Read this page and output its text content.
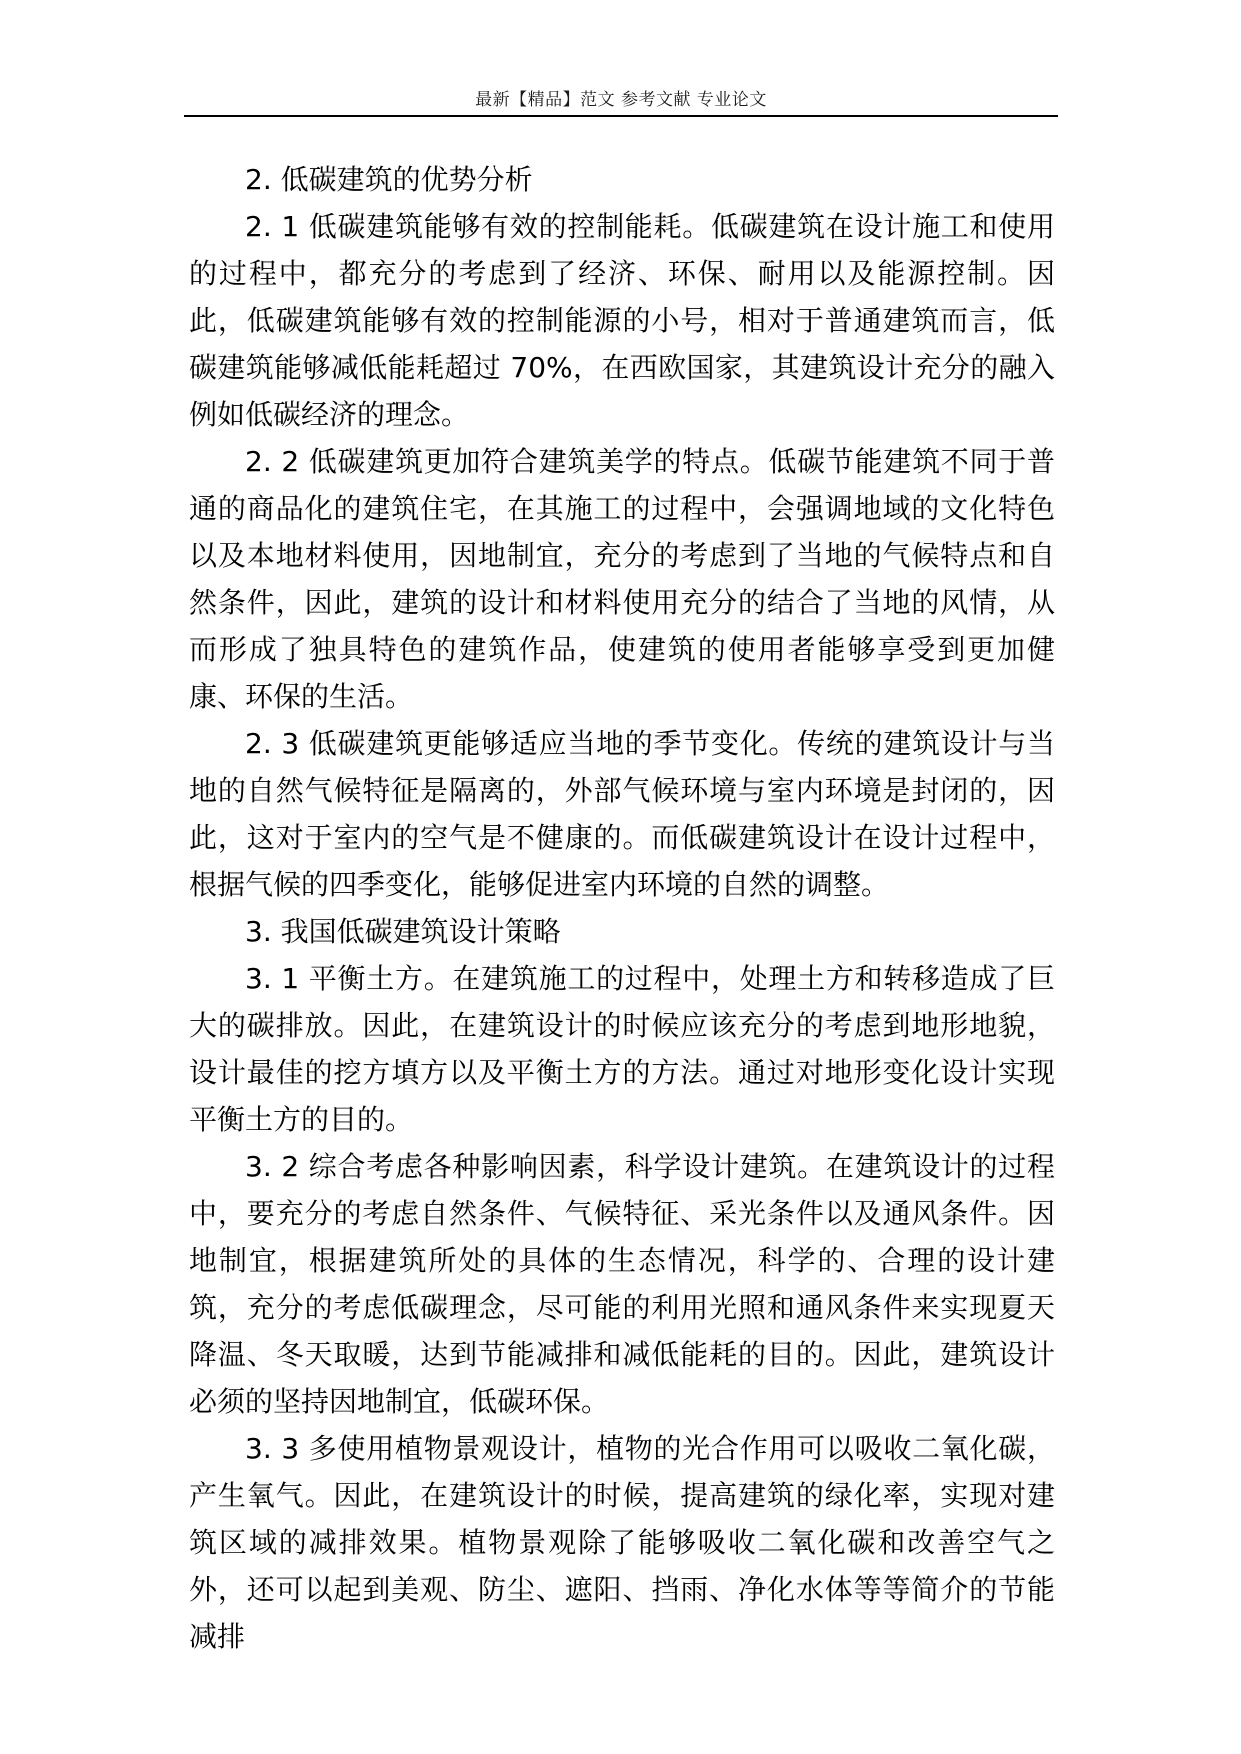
最新【精品】范文 参考文献 专业论文

2. 低碳建筑的优势分析

2. 1 低碳建筑能够有效的控制能耗。低碳建筑在设计施工和使用的过程中，都充分的考虑到了经济、环保、耐用以及能源控制。因此，低碳建筑能够有效的控制能源的小号，相对于普通建筑而言，低碳建筑能够减低能耗超过 70%，在西欧国家，其建筑设计充分的融入例如低碳经济的理念。

2. 2 低碳建筑更加符合建筑美学的特点。低碳节能建筑不同于普通的商品化的建筑住宅，在其施工的过程中，会强调地域的文化特色以及本地材料使用，因地制宜，充分的考虑到了当地的气候特点和自然条件，因此，建筑的设计和材料使用充分的结合了当地的风情，从而形成了独具特色的建筑作品，使建筑的使用者能够享受到更加健康、环保的生活。

2. 3 低碳建筑更能够适应当地的季节变化。传统的建筑设计与当地的自然气候特征是隔离的，外部气候环境与室内环境是封闭的，因此，这对于室内的空气是不健康的。而低碳建筑设计在设计过程中，根据气候的四季变化，能够促进室内环境的自然的调整。

3. 我国低碳建筑设计策略

3. 1 平衡土方。在建筑施工的过程中，处理土方和转移造成了巨大的碳排放。因此，在建筑设计的时候应该充分的考虑到地形地貌，设计最佳的挖方填方以及平衡土方的方法。通过对地形变化设计实现平衡土方的目的。

3. 2 综合考虑各种影响因素，科学设计建筑。在建筑设计的过程中，要充分的考虑自然条件、气候特征、采光条件以及通风条件。因地制宜，根据建筑所处的具体的生态情况，科学的、合理的设计建筑，充分的考虑低碳理念，尽可能的利用光照和通风条件来实现夏天降温、冬天取暖，达到节能减排和减低能耗的目的。因此，建筑设计必须的坚持因地制宜，低碳环保。

3. 3 多使用植物景观设计，植物的光合作用可以吸收二氧化碳，产生氧气。因此，在建筑设计的时候，提高建筑的绿化率，实现对建筑区域的减排效果。植物景观除了能够吸收二氧化碳和改善空气之外，还可以起到美观、防尘、遮阳、挡雨、净化水体等等简介的节能减排
